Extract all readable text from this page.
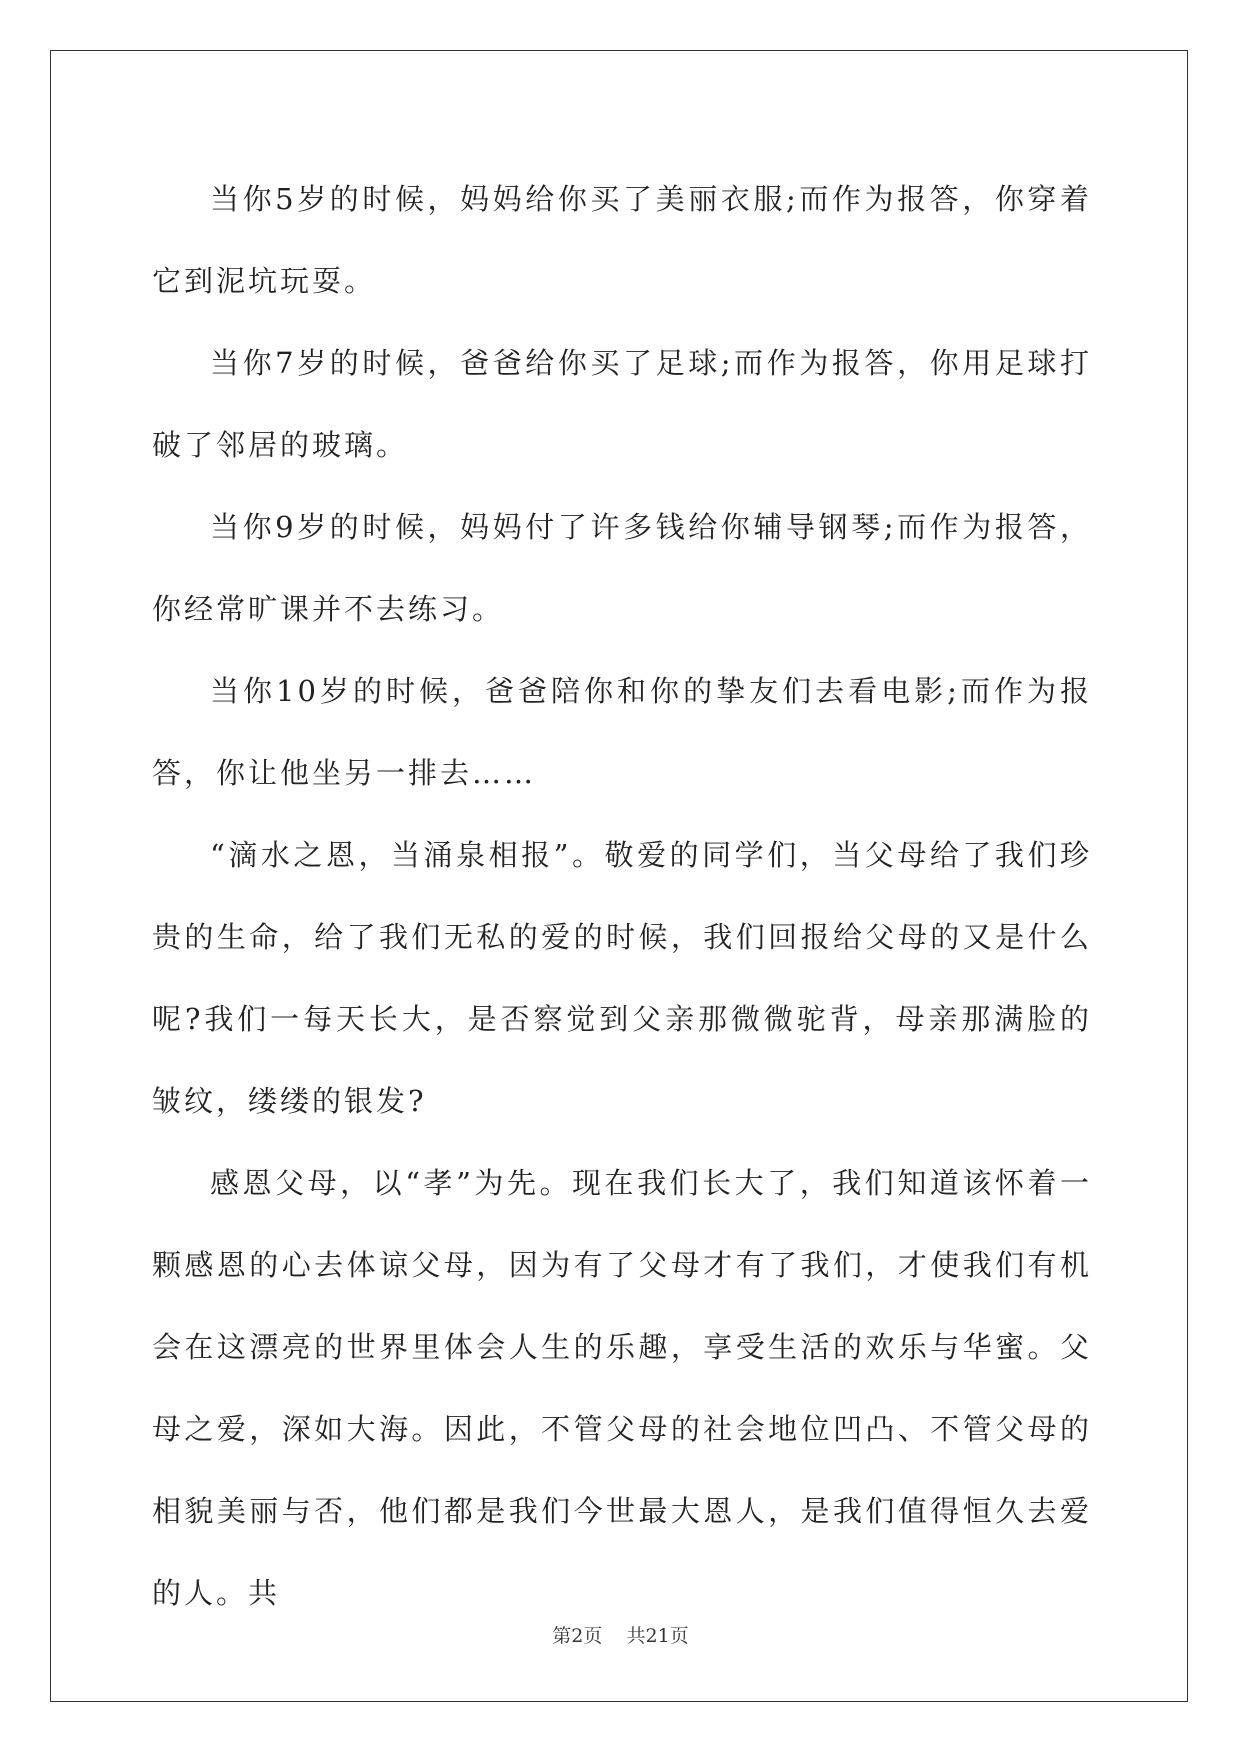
当你5岁的时候，妈妈给你买了美丽衣服;而作为报答，你穿着它到泥坑玩耍。

当你7岁的时候，爸爸给你买了足球;而作为报答，你用足球打破了邻居的玻璃。

当你9岁的时候，妈妈付了许多钱给你辅导钢琴;而作为报答，你经常旷课并不去练习。

当你10岁的时候，爸爸陪你和你的挚友们去看电影;而作为报答，你让他坐另一排去……

“滴水之恩，当涌泉相报”。敬爱的同学们，当父母给了我们珍贵的生命，给了我们无私的爱的时候，我们回报给父母的又是什么呢?我们一每天长大，是否察觉到父亲那微微驼背，母亲那满脸的皱纹，缕缕的银发?

感恩父母，以“孝”为先。现在我们长大了，我们知道该怀着一颗感恩的心去体谅父母，因为有了父母才有了我们，才使我们有机会在这漂亮的世界里体会人生的乐趣，享受生活的欢乐与华蜜。父母之爱，深如大海。因此，不管父母的社会地位凹凸、不管父母的相貌美丽与否，他们都是我们今世最大恩人，是我们值得恒久去爱的人。共

第2页 共21页
